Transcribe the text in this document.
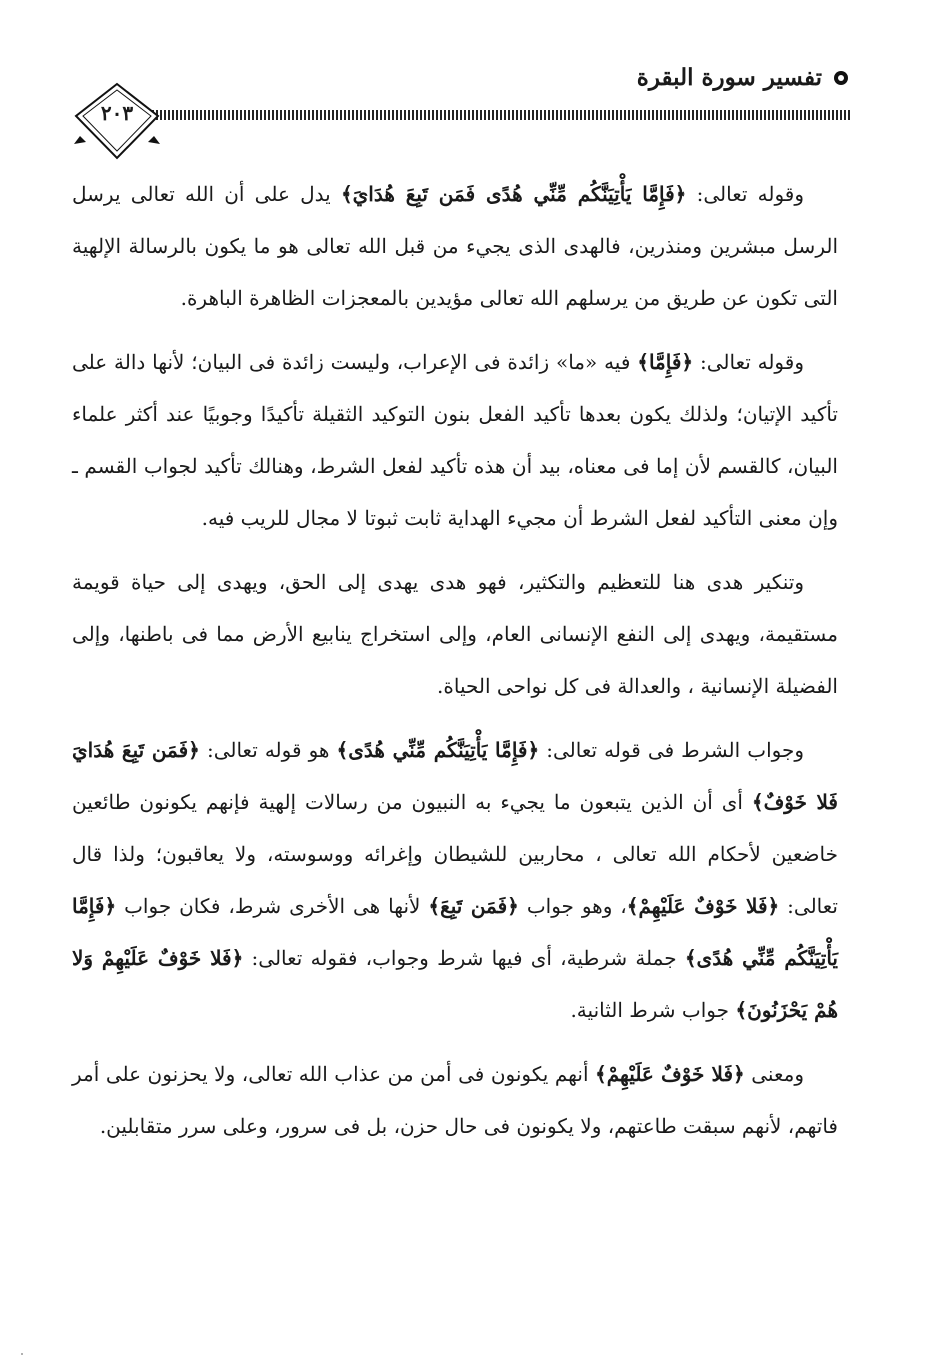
تفسير سورة البقرة
٢٠٣

وقوله تعالى: ﴿فَإِمَّا يَأْتِيَنَّكُم مِّنِّي هُدًى فَمَن تَبِعَ هُدَايَ﴾ يدل على أن الله تعالى يرسل الرسل مبشرين ومنذرين، فالهدى الذى يجيء من قبل الله تعالى هو ما يكون بالرسالة الإلهية التى تكون عن طريق من يرسلهم الله تعالى مؤيدين بالمعجزات الظاهرة الباهرة.

وقوله تعالى: ﴿فَإِمَّا﴾ فيه «ما» زائدة فى الإعراب، وليست زائدة فى البيان؛ لأنها دالة على تأكيد الإتيان؛ ولذلك يكون بعدها تأكيد الفعل بنون التوكيد الثقيلة تأكيدًا وجوبيًا عند أكثر علماء البيان، كالقسم لأن إما فى معناه، بيد أن هذه تأكيد لفعل الشرط، وهنالك تأكيد لجواب القسم ـ وإن معنى التأكيد لفعل الشرط أن مجيء الهداية ثابت ثبوتا لا مجال للريب فيه.

وتنكير هدى هنا للتعظيم والتكثير، فهو هدى يهدى إلى الحق، ويهدى إلى حياة قويمة مستقيمة، ويهدى إلى النفع الإنسانى العام، وإلى استخراج ينابيع الأرض مما فى باطنها، وإلى الفضيلة الإنسانية ، والعدالة فى كل نواحى الحياة.

وجواب الشرط فى قوله تعالى: ﴿فَإِمَّا يَأْتِيَنَّكُم مِّنِّي هُدًى﴾ هو قوله تعالى: ﴿فَمَن تَبِعَ هُدَايَ فَلا خَوْفٌ﴾ أى أن الذين يتبعون ما يجيء به النبيون من رسالات إلهية فإنهم يكونون طائعين خاضعين لأحكام الله تعالى ، محاربين للشيطان وإغرائه ووسوسته، ولا يعاقبون؛ ولذا قال تعالى: ﴿فَلا خَوْفٌ عَلَيْهِمْ﴾، وهو جواب ﴿فَمَن تَبِعَ﴾ لأنها هى الأخرى شرط، فكان جواب ﴿فَإِمَّا يَأْتِيَنَّكُم مِّنِّي هُدًى﴾ جملة شرطية، أى فيها شرط وجواب، فقوله تعالى: ﴿فَلا خَوْفٌ عَلَيْهِمْ وَلا هُمْ يَحْزَنُونَ﴾ جواب شرط الثانية.

ومعنى ﴿فَلا خَوْفٌ عَلَيْهِمْ﴾ أنهم يكونون فى أمن من عذاب الله تعالى، ولا يحزنون على أمر فاتهم، لأنهم سبقت طاعتهم، ولا يكونون فى حال حزن، بل فى سرور، وعلى سرر متقابلين.
